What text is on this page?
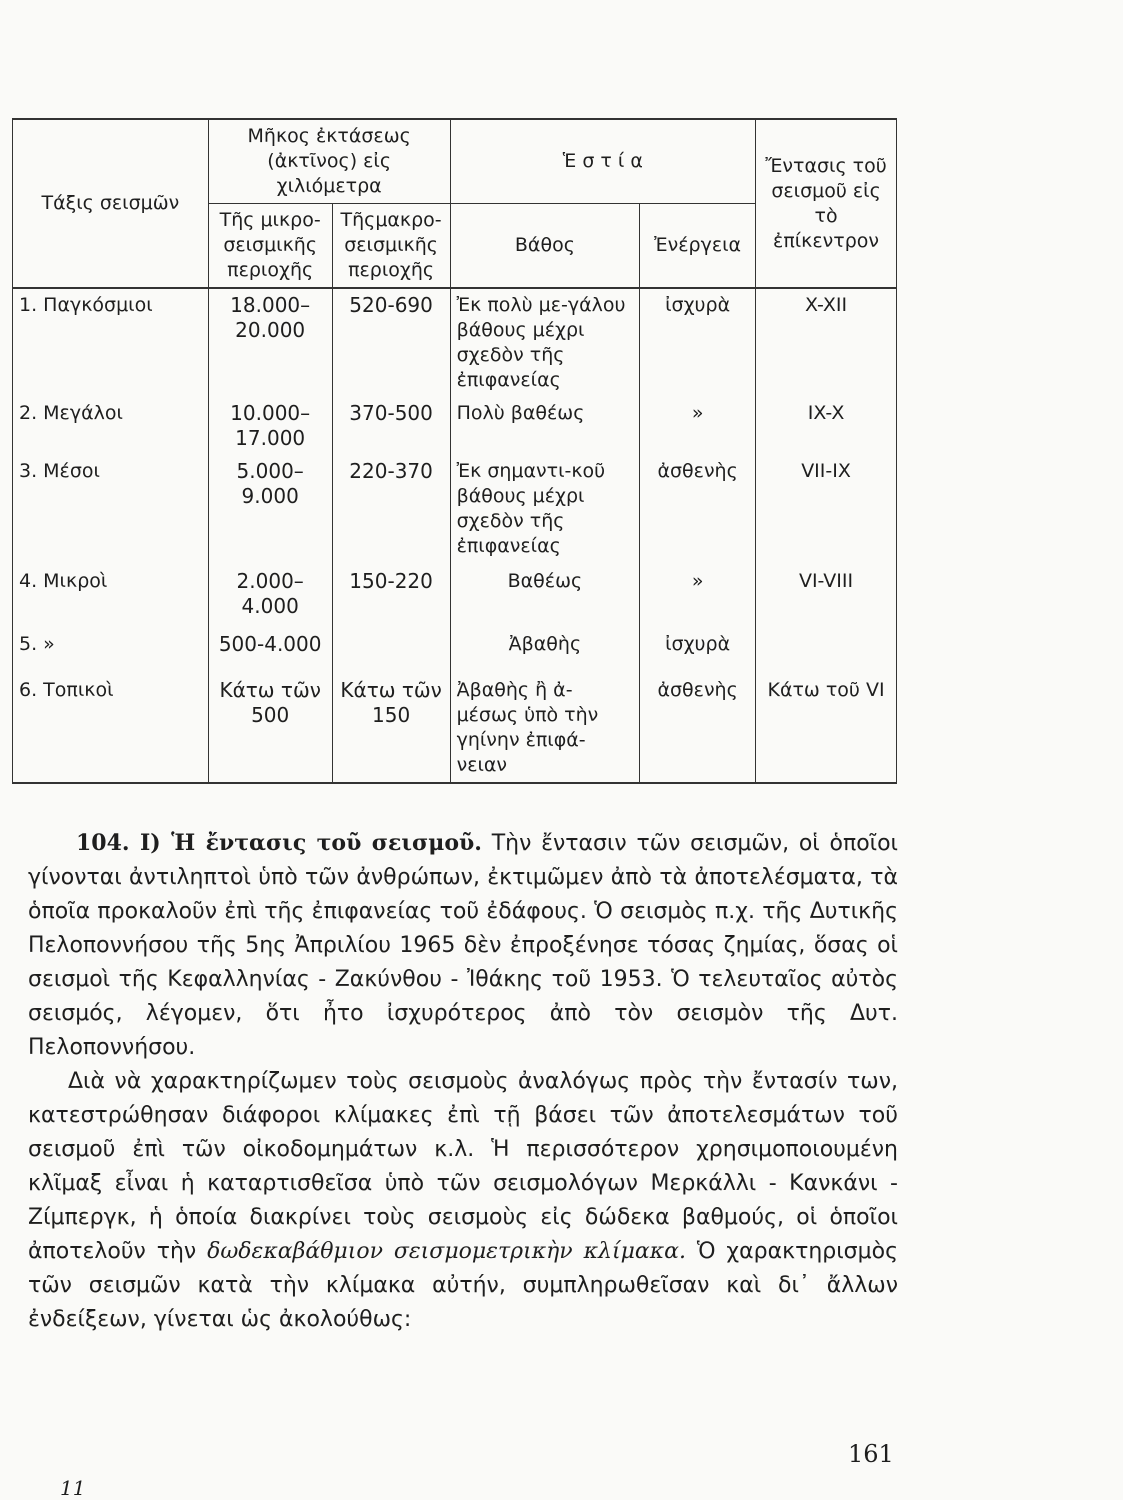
Τάξις σεισμῶν	Μῆκος ἐκτάσεως (ἀκτῖνος) εἰς χιλιόμετρα		Ἑ σ τ ί α		Ἔντασις τοῦ σεισμοῦ εἰς τὸ ἐπίκεντρον
	Τῆς μικρο-σεισμικῆς περιοχῆς	Τῆςμακρο-σεισμικῆς περιοχῆς	Βάθος	Ἐνέργεια	
1. Παγκόσμιοι	18.000– 20.000	520-690	Ἐκ πολὺ με-γάλου βάθους μέχρι σχεδὸν τῆς ἐπιφανείας	ἰσχυρὰ	X-XII
2. Μεγάλοι	10.000– 17.000	370-500	Πολὺ βαθέως	»	IX-X
3. Μέσοι	5.000– 9.000	220-370	Ἐκ σημαντι-κοῦ βάθους μέχρι σχεδὸν τῆς ἐπιφανείας	ἀσθενὴς	VII-IX
4. Μικροὶ	2.000– 4.000	150-220	Βαθέως	»	VI-VIII
5. »	500-4.000		Ἀβαθὴς	ἰσχυρὰ	
6. Τοπικοὶ	Κάτω τῶν 500	Κάτω τῶν 150	Ἀβαθὴς ἢ ἀ-μέσως ὑπὸ τὴν γηίνην ἐπιφά-νειαν	ἀσθενὴς	Κάτω τοῦ VI

104. I) Ἡ ἔντασις τοῦ σεισμοῦ. Τὴν ἔντασιν τῶν σεισμῶν, οἱ ὁποῖοι γίνονται ἀντιληπτοὶ ὑπὸ τῶν ἀνθρώπων, ἐκτιμῶμεν ἀπὸ τὰ ἀποτελέσματα, τὰ ὁποῖα προκαλοῦν ἐπὶ τῆς ἐπιφανείας τοῦ ἐδάφους. Ὁ σεισμὸς π.χ. τῆς Δυτικῆς Πελοποννήσου τῆς 5ης Ἀπριλίου 1965 δὲν ἐπροξένησε τόσας ζημίας, ὅσας οἱ σεισμοὶ τῆς Κεφαλληνίας - Ζακύνθου - Ἰθάκης τοῦ 1953. Ὁ τελευταῖος αὐτὸς σεισμός, λέγομεν, ὅτι ἦτο ἰσχυρότερος ἀπὸ τὸν σεισμὸν τῆς Δυτ. Πελοποννήσου.

Διὰ νὰ χαρακτηρίζωμεν τοὺς σεισμοὺς ἀναλόγως πρὸς τὴν ἔντασίν των, κατεστρώθησαν διάφοροι κλίμακες ἐπὶ τῇ βάσει τῶν ἀποτελεσμάτων τοῦ σεισμοῦ ἐπὶ τῶν οἰκοδομημάτων κ.λ. Ἡ περισσότερον χρησιμοποιουμένη κλῖμαξ εἶναι ἡ καταρτισθεῖσα ὑπὸ τῶν σεισμολόγων Μερκάλλι - Κανκάνι - Ζίμπεργκ, ἡ ὁποία διακρίνει τοὺς σεισμοὺς εἰς δώδεκα βαθμούς, οἱ ὁποῖοι ἀποτελοῦν τὴν δωδεκαβάθμιον σεισμομετρικὴν κλίμακα. Ὁ χαρακτηρισμὸς τῶν σεισμῶν κατὰ τὴν κλίμακα αὐτήν, συμπληρωθεῖσαν καὶ δι᾽ ἄλλων ἐνδείξεων, γίνεται ὡς ἀκολούθως:

161
11
